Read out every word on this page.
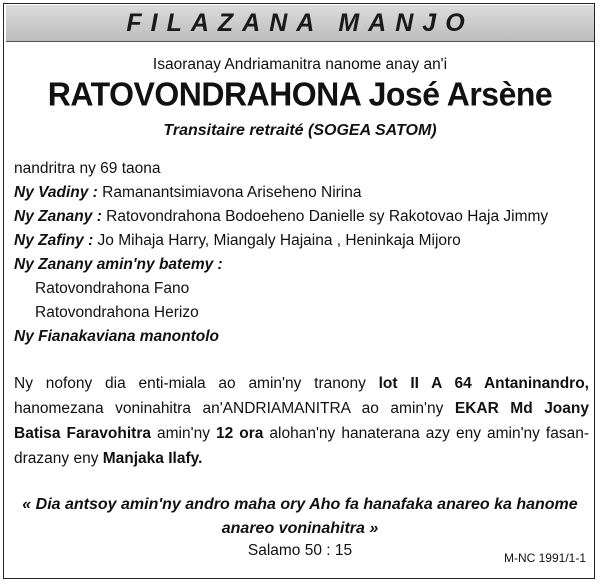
FILAZANA MANJO
Isaoranay Andriamanitra nanome anay an'i
RATOVONDRAHONA José Arsène
Transitaire retraité (SOGEA SATOM)
nandritra ny 69 taona
Ny Vadiny : Ramanantsimiavona Ariseheno Nirina
Ny Zanany : Ratovondrahona Bodoeheno Danielle sy Rakotovao Haja Jimmy
Ny Zafiny : Jo Mihaja Harry, Miangaly Hajaina , Heninkaja Mijoro
Ny Zanany amin'ny batemy :
Ratovondrahona Fano
Ratovondrahona Herizo
Ny Fianakaviana manontolo
Ny nofony dia enti-miala ao amin'ny tranony lot II A 64 Antaninandro, hanomezana voninahitra an'ANDRIAMANITRA ao amin'ny EKAR Md Joany Batisa Faravohitra amin'ny 12 ora alohan'ny hanaterana azy eny amin'ny fasan-drazany eny Manjaka Ilafy.
« Dia antsoy amin'ny andro maha ory Aho fa hanafaka anareo ka hanome anareo voninahitra »
Salamo 50 : 15	M-NC 1991/1-1
